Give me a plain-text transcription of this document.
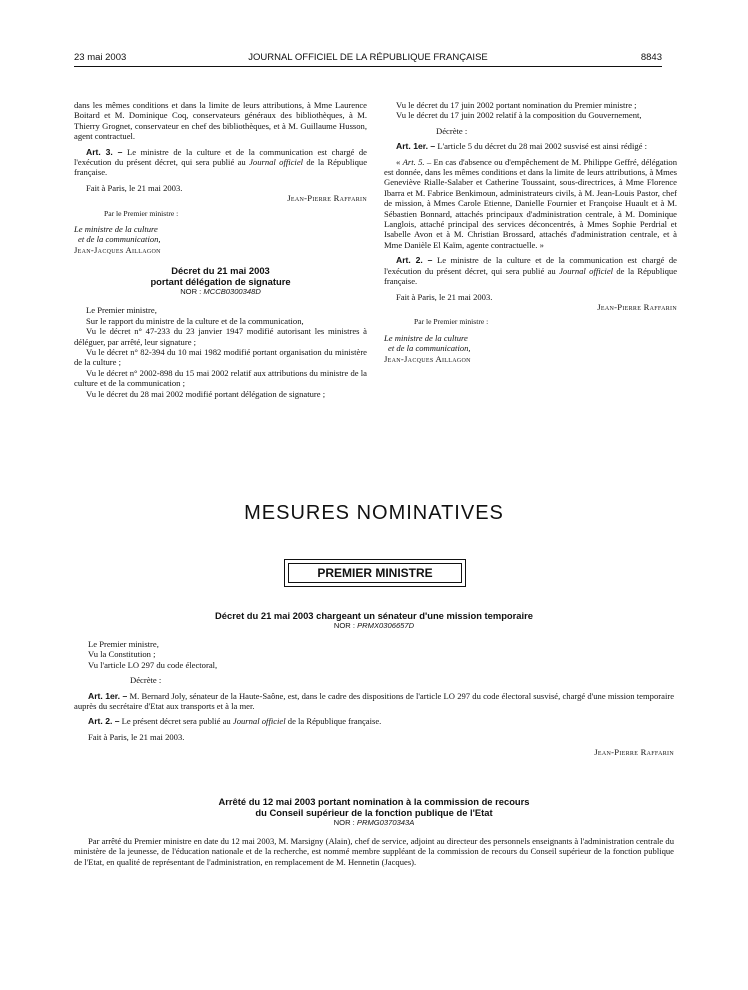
23 mai 2003	JOURNAL OFFICIEL DE LA RÉPUBLIQUE FRANÇAISE	8843

dans les mêmes conditions et dans la limite de leurs attributions, à Mme Laurence Boitard et M. Dominique Coq, conservateurs généraux des bibliothèques, à M. Thierry Grognet, conservateur en chef des bibliothèques, et à M. Guillaume Husson, agent contractuel.

Art. 3. – Le ministre de la culture et de la communication est chargé de l'exécution du présent décret, qui sera publié au Journal officiel de la République française.

Fait à Paris, le 21 mai 2003.

Jean-Pierre Raffarin

Par le Premier ministre :

Le ministre de la culture

et de la communication,

Jean-Jacques Aillagon

Décret du 21 mai 2003
portant délégation de signature
NOR : MCCB0300348D

Le Premier ministre,

Sur le rapport du ministre de la culture et de la communication,

Vu le décret n° 47-233 du 23 janvier 1947 modifié autorisant les ministres à déléguer, par arrêté, leur signature ;

Vu le décret n° 82-394 du 10 mai 1982 modifié portant organisation du ministère de la culture ;

Vu le décret n° 2002-898 du 15 mai 2002 relatif aux attributions du ministre de la culture et de la communication ;

Vu le décret du 28 mai 2002 modifié portant délégation de signature ;

Vu le décret du 17 juin 2002 portant nomination du Premier ministre ;

Vu le décret du 17 juin 2002 relatif à la composition du Gouvernement,

Décrète :

Art. 1er. – L'article 5 du décret du 28 mai 2002 susvisé est ainsi rédigé :

« Art. 5. – En cas d'absence ou d'empêchement de M. Philippe Geffré, délégation est donnée, dans les mêmes conditions et dans la limite de leurs attributions, à Mmes Geneviève Rialle-Salaber et Catherine Toussaint, sous-directrices, à Mme Florence Ibarra et M. Fabrice Benkimoun, administrateurs civils, à M. Jean-Louis Pastor, chef de mission, à Mmes Carole Etienne, Danielle Fournier et Françoise Huault et à M. Sébastien Bonnard, attachés principaux d'administration centrale, à M. Dominique Langlois, attaché principal des services déconcentrés, à Mmes Sophie Perdrial et Isabelle Avon et à M. Christian Brossard, attachés d'administration centrale, et à Mme Danièle El Kaïm, agente contractuelle. »

Art. 2. – Le ministre de la culture et de la communication est chargé de l'exécution du présent décret, qui sera publié au Journal officiel de la République française.

Fait à Paris, le 21 mai 2003.

Jean-Pierre Raffarin

Par le Premier ministre :

Le ministre de la culture

et de la communication,

Jean-Jacques Aillagon

MESURES NOMINATIVES
PREMIER MINISTRE
Décret du 21 mai 2003 chargeant un sénateur d'une mission temporaire
NOR : PRMX0306657D

Le Premier ministre,

Vu la Constitution ;

Vu l'article LO 297 du code électoral,

Décrète :

Art. 1er. – M. Bernard Joly, sénateur de la Haute-Saône, est, dans le cadre des dispositions de l'article LO 297 du code électoral susvisé, chargé d'une mission temporaire auprès du secrétaire d'Etat aux transports et à la mer.

Art. 2. – Le présent décret sera publié au Journal officiel de la République française.

Fait à Paris, le 21 mai 2003.

Jean-Pierre Raffarin

Arrêté du 12 mai 2003 portant nomination à la commission de recours
du Conseil supérieur de la fonction publique de l'Etat
NOR : PRMG0370343A

Par arrêté du Premier ministre en date du 12 mai 2003, M. Marsigny (Alain), chef de service, adjoint au directeur des personnels enseignants à l'administration centrale du ministère de la jeunesse, de l'éducation nationale et de la recherche, est nommé membre suppléant de la commission de recours du Conseil supérieur de la fonction publique de l'Etat, en qualité de représentant de l'administration, en remplacement de M. Hennetin (Jacques).
